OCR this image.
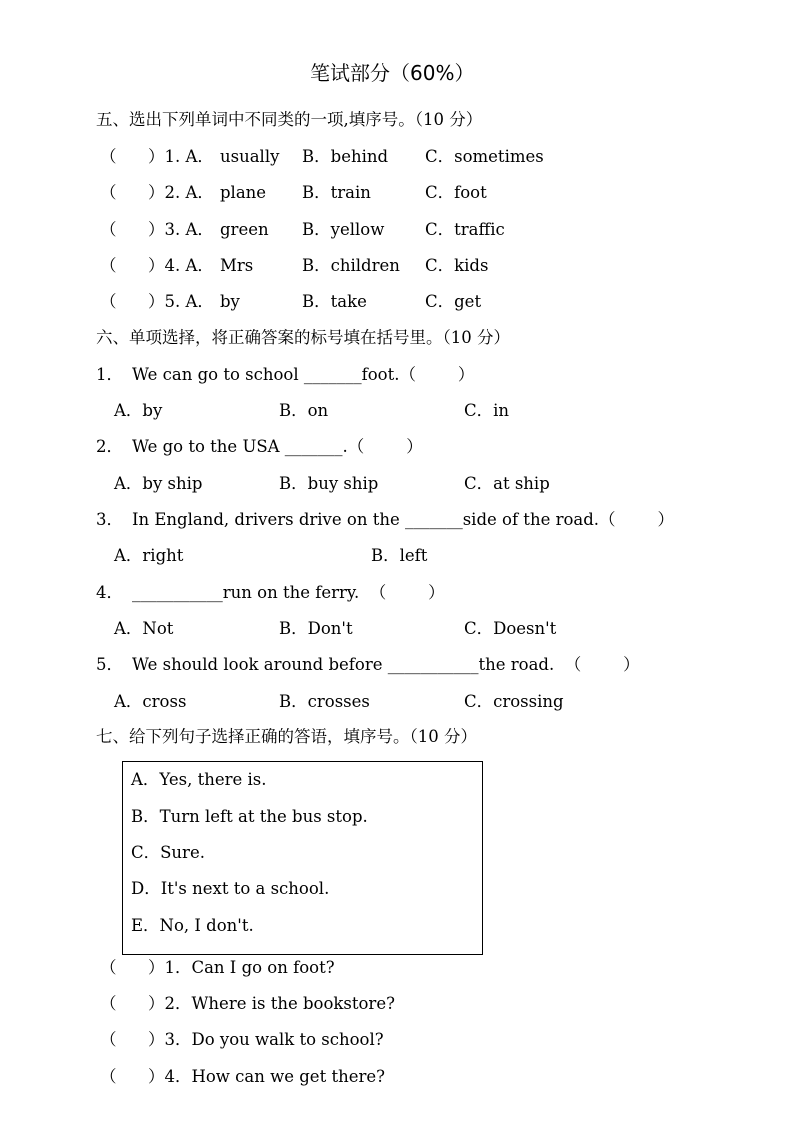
笔试部分（60%）
五、选出下列单词中不同类的一项,填序号。（10 分）
（      ）1. A． usually B．behind C．sometimes
（      ）2. A． plane B．train	C．foot
（      ）3. A． green B．yellow C．traffic
（      ）4. A． Mrs	B．children C．kids
（      ）5. A． by	B．take	C．get
六、单项选择，将正确答案的标号填在括号里。（10 分）
1． We can go to school _______foot.（        ）
A．by	B．on	C．in
2． We go to the USA _______.（        ）
A．by ship	B．buy ship	C．at ship
3． In England, drivers drive on the _______side of the road.（        ）
A．right	B．left
4． ___________run on the ferry.  （        ）
A．Not	B．Don't	C．Doesn't
5． We should look around before ___________the road.  （        ）
A．cross	B．crosses	C．crossing
七、给下列句子选择正确的答语，填序号。（10 分）
A．Yes, there is.
B．Turn left at the bus stop.
C．Sure.
D．It's next to a school.
E．No, I don't.
（      ）1．Can I go on foot?
（      ）2．Where is the bookstore?
（      ）3．Do you walk to school?
（      ）4．How can we get there?
